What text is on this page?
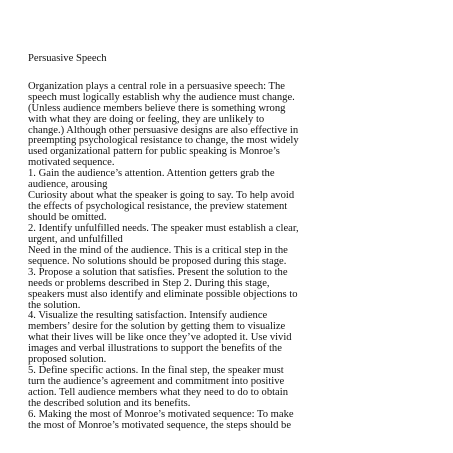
Persuasive Speech

Organization plays a central role in a persuasive speech: The
speech must logically establish why the audience must change.
(Unless audience members believe there is something wrong
with what they are doing or feeling, they are unlikely to
change.) Although other persuasive designs are also effective in
preempting psychological resistance to change, the most widely
used organizational pattern for public speaking is Monroe’s
motivated sequence.
1. Gain the audience’s attention. Attention getters grab the
audience, arousing
Curiosity about what the speaker is going to say. To help avoid
the effects of psychological resistance, the preview statement
should be omitted.
2. Identify unfulfilled needs. The speaker must establish a clear,
urgent, and unfulfilled
Need in the mind of the audience. This is a critical step in the
sequence. No solutions should be proposed during this stage.
3. Propose a solution that satisfies. Present the solution to the
needs or problems described in Step 2. During this stage,
speakers must also identify and eliminate possible objections to
the solution.
4. Visualize the resulting satisfaction. Intensify audience
members’ desire for the solution by getting them to visualize
what their lives will be like once they’ve adopted it. Use vivid
images and verbal illustrations to support the benefits of the
proposed solution.
5. Define specific actions. In the final step, the speaker must
turn the audience’s agreement and commitment into positive
action. Tell audience members what they need to do to obtain
the described solution and its benefits.
6. Making the most of Monroe’s motivated sequence: To make
the most of Monroe’s motivated sequence, the steps should be
